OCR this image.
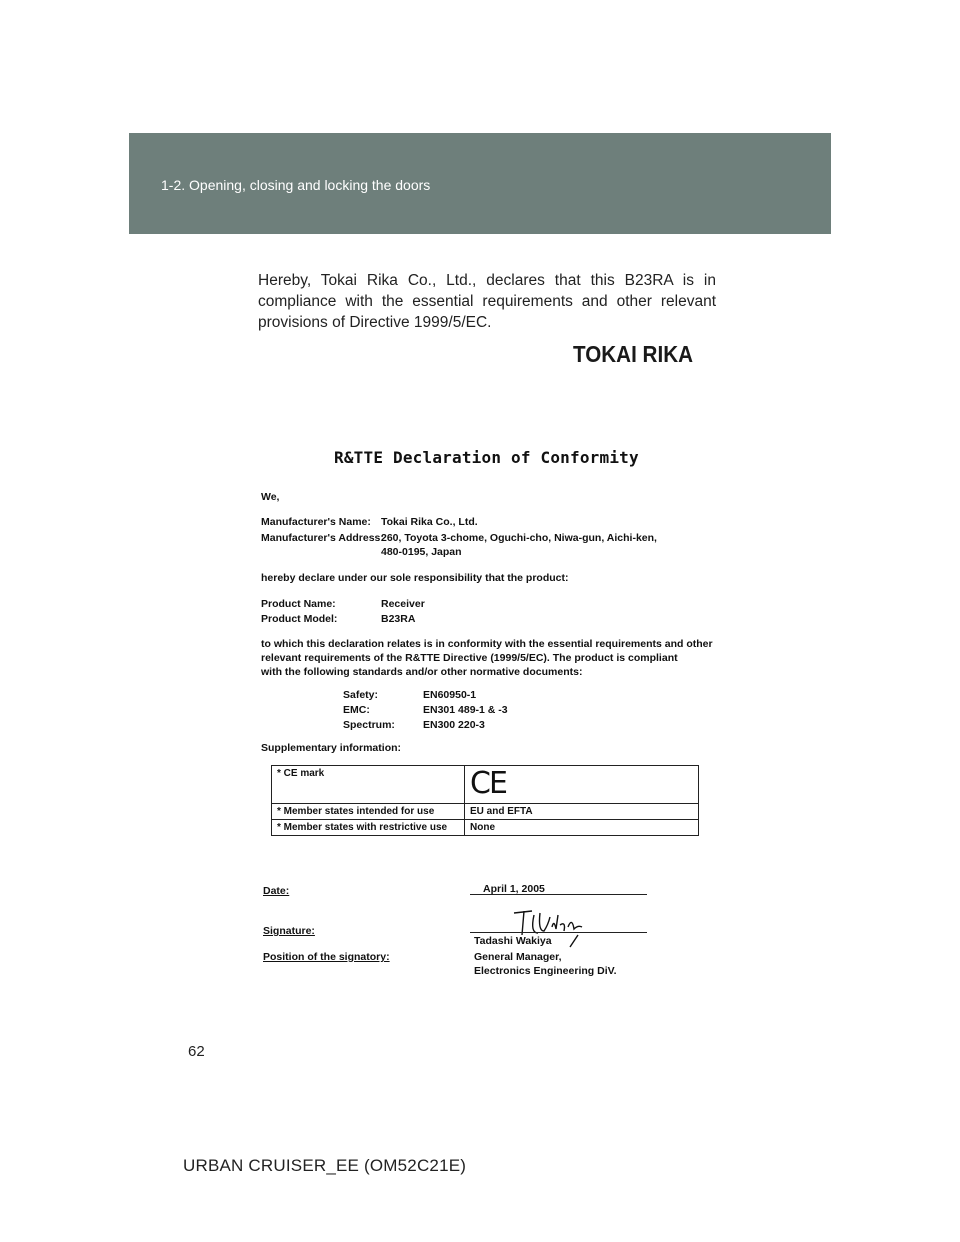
1-2. Opening, closing and locking the doors
Hereby, Tokai Rika Co., Ltd., declares that this B23RA is in compliance with the essential requirements and other relevant provisions of Directive 1999/5/EC.
TOKAI RIKA
R&TTE Declaration of Conformity
We,
Manufacturer's Name: Tokai Rika Co., Ltd.
Manufacturer's Address:
260, Toyota 3-chome, Oguchi-cho, Niwa-gun, Aichi-ken,
480-0195, Japan
hereby declare under our sole responsibility that the product:
Product Name:	Receiver
Product Model:	B23RA
to which this declaration relates is in conformity with the essential requirements and other
relevant requirements of the R&TTE Directive (1999/5/EC). The product is compliant
with the following standards and/or other normative documents:
Safety:	EN60950-1
EMC:	EN301 489-1 & -3
Spectrum:	EN300 220-3
Supplementary information:
* CE mark	CE
* Member states intended for use	EU and EFTA
* Member states with restrictive use	None
Date:	April 1, 2005
Signature:
Tadashi Wakiya
Position of the signatory:	General Manager,
Electronics Engineering DiV.
62
URBAN CRUISER_EE (OM52C21E)
